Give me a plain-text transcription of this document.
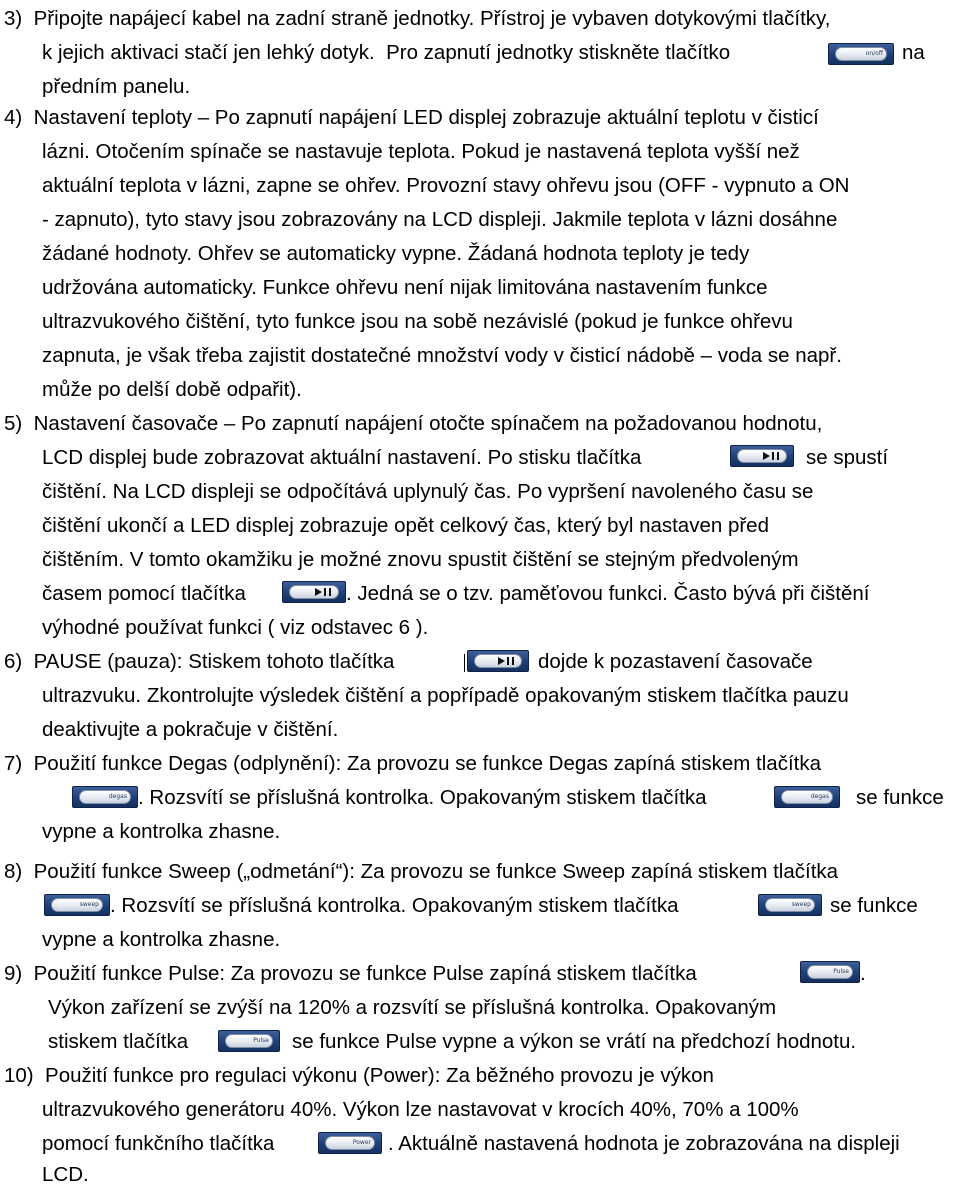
3)  Připojte napájecí kabel na zadní straně jednotky. Přístroj je vybaven dotykovými tlačítky,
k jejich aktivaci stačí jen lehký dotyk.  Pro zapnutí jednotky stiskněte tlačítko	on/off na
předním panelu.
4)  Nastavení teploty – Po zapnutí napájení LED displej zobrazuje aktuální teplotu v čisticí
lázni. Otočením spínače se nastavuje teplota. Pokud je nastavená teplota vyšší než
aktuální teplota v lázni, zapne se ohřev. Provozní stavy ohřevu jsou (OFF - vypnuto a ON
- zapnuto), tyto stavy jsou zobrazovány na LCD displeji. Jakmile teplota v lázni dosáhne
žádané hodnoty. Ohřev se automaticky vypne. Žádaná hodnota teploty je tedy
udržována automaticky. Funkce ohřevu není nijak limitována nastavením funkce
ultrazvukového čištění, tyto funkce jsou na sobě nezávislé (pokud je funkce ohřevu
zapnuta, je však třeba zajistit dostatečné množství vody v čisticí nádobě – voda se např.
může po delší době odpařit).
5)  Nastavení časovače – Po zapnutí napájení otočte spínačem na požadovanou hodnotu,
LCD displej bude zobrazovat aktuální nastavení. Po stisku tlačítka	se spustí
čištění. Na LCD displeji se odpočítává uplynulý čas. Po vypršení navoleného času se
čištění ukončí a LED displej zobrazuje opět celkový čas, který byl nastaven před
čištěním. V tomto okamžiku je možné znovu spustit čištění se stejným předvoleným
časem pomocí tlačítka	. Jedná se o tzv. paměťovou funkci. Často bývá při čištění
výhodné používat funkci ( viz odstavec 6 ).
6)  PAUSE (pauza): Stiskem tohoto tlačítka	dojde k pozastavení časovače
ultrazvuku. Zkontrolujte výsledek čištění a popřípadě opakovaným stiskem tlačítka pauzu
deaktivujte a pokračuje v čištění.
7)  Použití funkce Degas (odplynění): Za provozu se funkce Degas zapíná stiskem tlačítka
degas . Rozsvítí se příslušná kontrolka. Opakovaným stiskem tlačítka	degas se funkce
vypne a kontrolka zhasne.
8)  Použití funkce Sweep („odmetání“): Za provozu se funkce Sweep zapíná stiskem tlačítka
sweep . Rozsvítí se příslušná kontrolka. Opakovaným stiskem tlačítka	sweep se funkce
vypne a kontrolka zhasne.
9)  Použití funkce Pulse: Za provozu se funkce Pulse zapíná stiskem tlačítka	Pulse .
Výkon zařízení se zvýší na 120% a rozsvítí se příslušná kontrolka. Opakovaným
stiskem tlačítka	Pulse se funkce Pulse vypne a výkon se vrátí na předchozí hodnotu.
10)  Použití funkce pro regulaci výkonu (Power): Za běžného provozu je výkon
ultrazvukového generátoru 40%. Výkon lze nastavovat v krocích 40%, 70% a 100%
pomocí funkčního tlačítka	Power . Aktuálně nastavená hodnota je zobrazována na displeji
LCD.
